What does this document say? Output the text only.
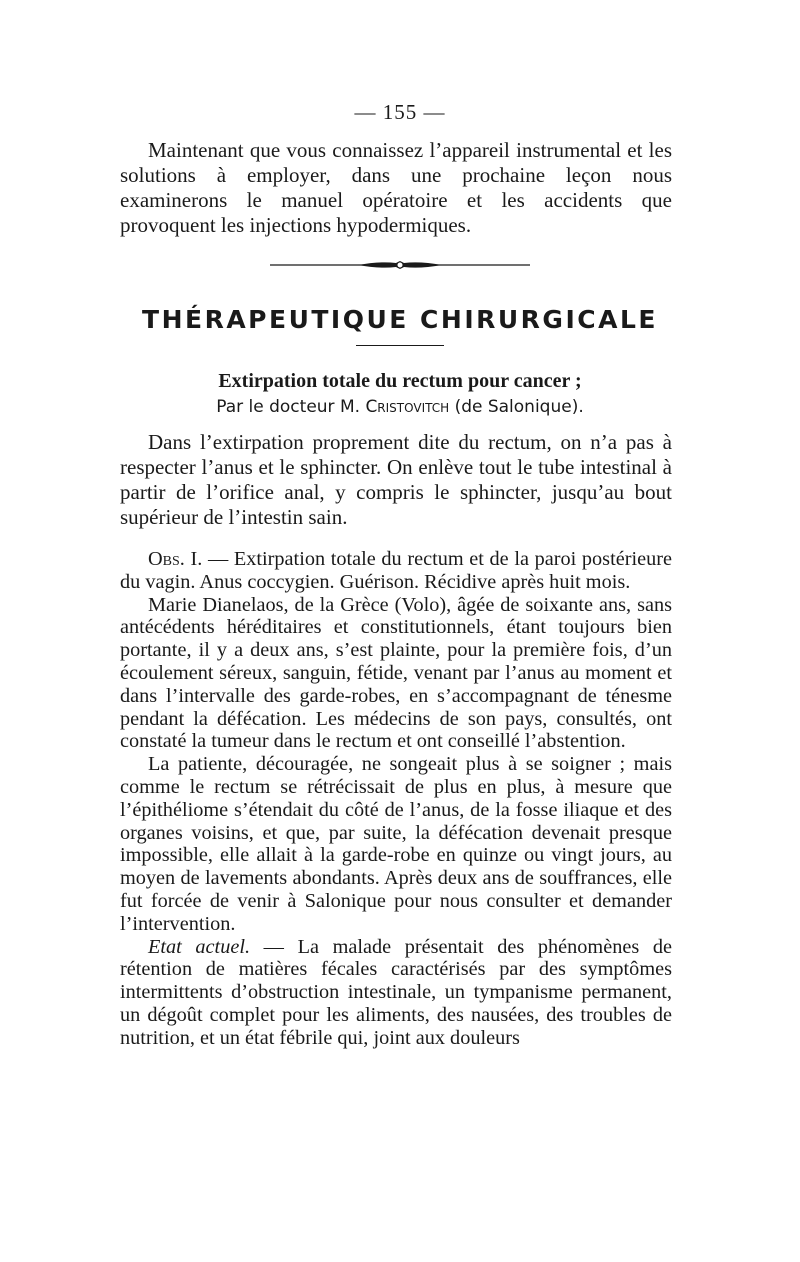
— 155 —

Maintenant que vous connaissez l’appareil instrumental et les solutions à employer, dans une prochaine leçon nous examinerons le manuel opératoire et les accidents que provoquent les injections hypodermiques.

THÉRAPEUTIQUE CHIRURGICALE
Extirpation totale du rectum pour cancer ;
Par le docteur M. Cristovitch (de Salonique).

Dans l’extirpation proprement dite du rectum, on n’a pas à respecter l’anus et le sphincter. On enlève tout le tube intestinal à partir de l’orifice anal, y compris le sphincter, jusqu’au bout supérieur de l’intestin sain.

Obs. I. — Extirpation totale du rectum et de la paroi postérieure du vagin. Anus coccygien. Guérison. Récidive après huit mois.

Marie Dianelaos, de la Grèce (Volo), âgée de soixante ans, sans antécédents héréditaires et constitutionnels, étant toujours bien portante, il y a deux ans, s’est plainte, pour la première fois, d’un écoulement séreux, sanguin, fétide, venant par l’anus au moment et dans l’intervalle des garde-robes, en s’accompagnant de ténesme pendant la défécation. Les médecins de son pays, consultés, ont constaté la tumeur dans le rectum et ont conseillé l’abstention.

La patiente, découragée, ne songeait plus à se soigner ; mais comme le rectum se rétrécissait de plus en plus, à mesure que l’épithéliome s’étendait du côté de l’anus, de la fosse iliaque et des organes voisins, et que, par suite, la défécation devenait presque impossible, elle allait à la garde-robe en quinze ou vingt jours, au moyen de lavements abondants. Après deux ans de souffrances, elle fut forcée de venir à Salonique pour nous consulter et demander l’intervention.

Etat actuel. — La malade présentait des phénomènes de rétention de matières fécales caractérisés par des symptômes intermittents d’obstruction intestinale, un tympanisme permanent, un dégoût complet pour les aliments, des nausées, des troubles de nutrition, et un état fébrile qui, joint aux douleurs
